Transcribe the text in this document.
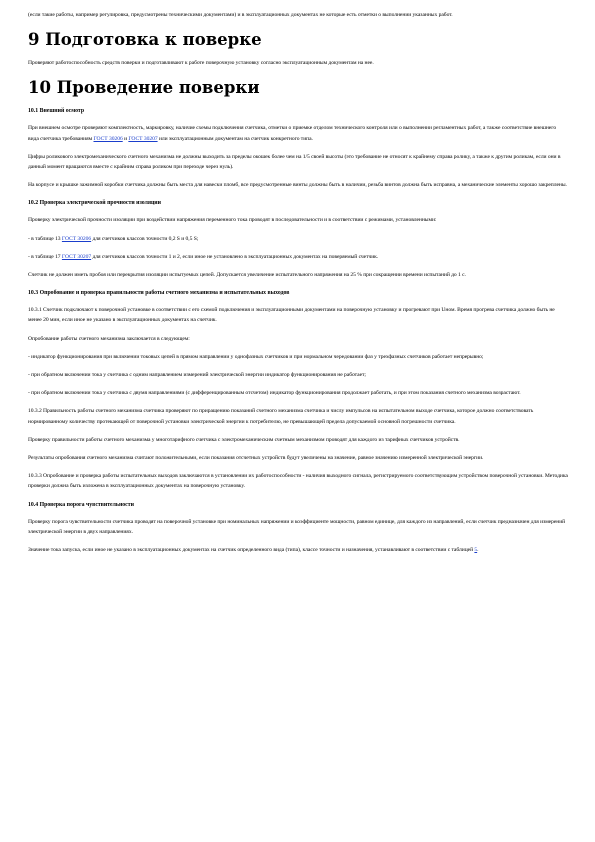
(если такие работы, например регулировка, предусмотрены техническими документами) и в эксплуатационных документах не которые есть отметки о выполнении указанных работ.

9 Подготовка к поверке

Проверяют работоспособность средств поверки и подготавливают к работе поверочную установку согласно эксплуатационным документам на нее.

10 Проведение поверки
10.1 Внешний осмотр

При внешнем осмотре проверяют комплектность, маркировку, наличие схемы подключения счетчика, отметки о приемке отделом технического контроля или о выполнении регламентных работ, а также соответствие внешнего вида счетчика требованиям ГОСТ 30206 и ГОСТ 30207 или эксплуатационным документам на счетчик конкретного типа.

Цифры роликового электромеханического счетного механизма не должны выходить за пределы окошек более чем на 1/5 своей высоты (это требование не относят к крайнему справа ролику, а также к другим роликам, если они в данный момент вращаются вместе с крайним справа роликом при переходе через нуль).

На корпусе и крышке зажимной коробки счетчика должны быть места для навески пломб, все предусмотренные винты должны быть в наличии, резьба винтов должна быть исправна, а механические элементы хорошо закреплены.

10.2 Проверка электрической прочности изоляции

Проверку электрической прочности изоляции при воздействии напряжения переменного тока проводят в последовательности и в соответствии с режимами, установленными:

- в таблице 13 ГОСТ 30206 для счетчиков классов точности 0,2 S и 0,5 S;

- в таблице 17 ГОСТ 30207 для счетчиков классов точности 1 и 2, если иное не установлено в эксплуатационных документах на поверяемый счетчик.

Счетчик не должен иметь пробоя или перекрытия изоляции испытуемых цепей. Допускается увеличение испытательного напряжения на 25 % при сокращении времени испытаний до 1 с.

10.3 Опробование и проверка правильности работы счетного механизма и испытательных выходов

10.3.1 Счетчик подключают к поверочной установке в соответствии с его схемой подключения и эксплуатационными документами на поверочную установку и прогревают при Uном. Время прогрева счетчика должно быть не менее 20 мин, если иное не указано в эксплуатационных документах на счетчик.

Опробование работы счетного механизма заключается в следующем:

- индикатор функционирования при включении токовых цепей в прямом направлении у однофазных счетчиков и при нормальном чередовании фаз у трехфазных счетчиков работает непрерывно;

- при обратном включении тока у счетчика с одним направлением измерений электрической энергии индикатор функционирования не работает;

- при обратном включении тока у счетчика с двумя направлениями (с дифференцированным отсчетом) индикатор функционирования продолжает работать, и при этом показания счетного механизма возрастают.

10.3.2 Правильность работы счетного механизма счетчика проверяют по приращению показаний счетного механизма счетчика и числу импульсов на испытательном выходе счетчика, которое должно соответствовать нормированному количеству протекающей от поверочной установки электрической энергии к потребителю, не превышающей предела допускаемой основной погрешности счетчика.

Проверку правильности работы счетного механизма у многотарифного счетчика с электромеханическим счетным механизмом проводят для каждого из тарифных счетчиков устройств.

Результаты опробования счетного механизма считают положительными, если показания отсчетных устройств будут увеличены на значение, равное значению измеренной электрической энергии.

10.3.3 Опробование и проверка работы испытательных выходов заключаются в установлении их работоспособности - наличия выходного сигнала, регистрируемого соответствующим устройством поверочной установки. Методика проверки должна быть изложена в эксплуатационных документах на поверочную установку.

10.4 Проверка порога чувствительности

Проверку порога чувствительности счетчика проводят на поверочной установке при номинальных напряжении и коэффициенте мощности, равном единице, для каждого из направлений, если счетчик предназначен для измерений электрической энергии в двух направлениях.

Значение тока запуска, если иное не указано в эксплуатационных документах на счетчик определенного вида (типа), классе точности и назначения, устанавливают в соответствии с таблицей 5.
